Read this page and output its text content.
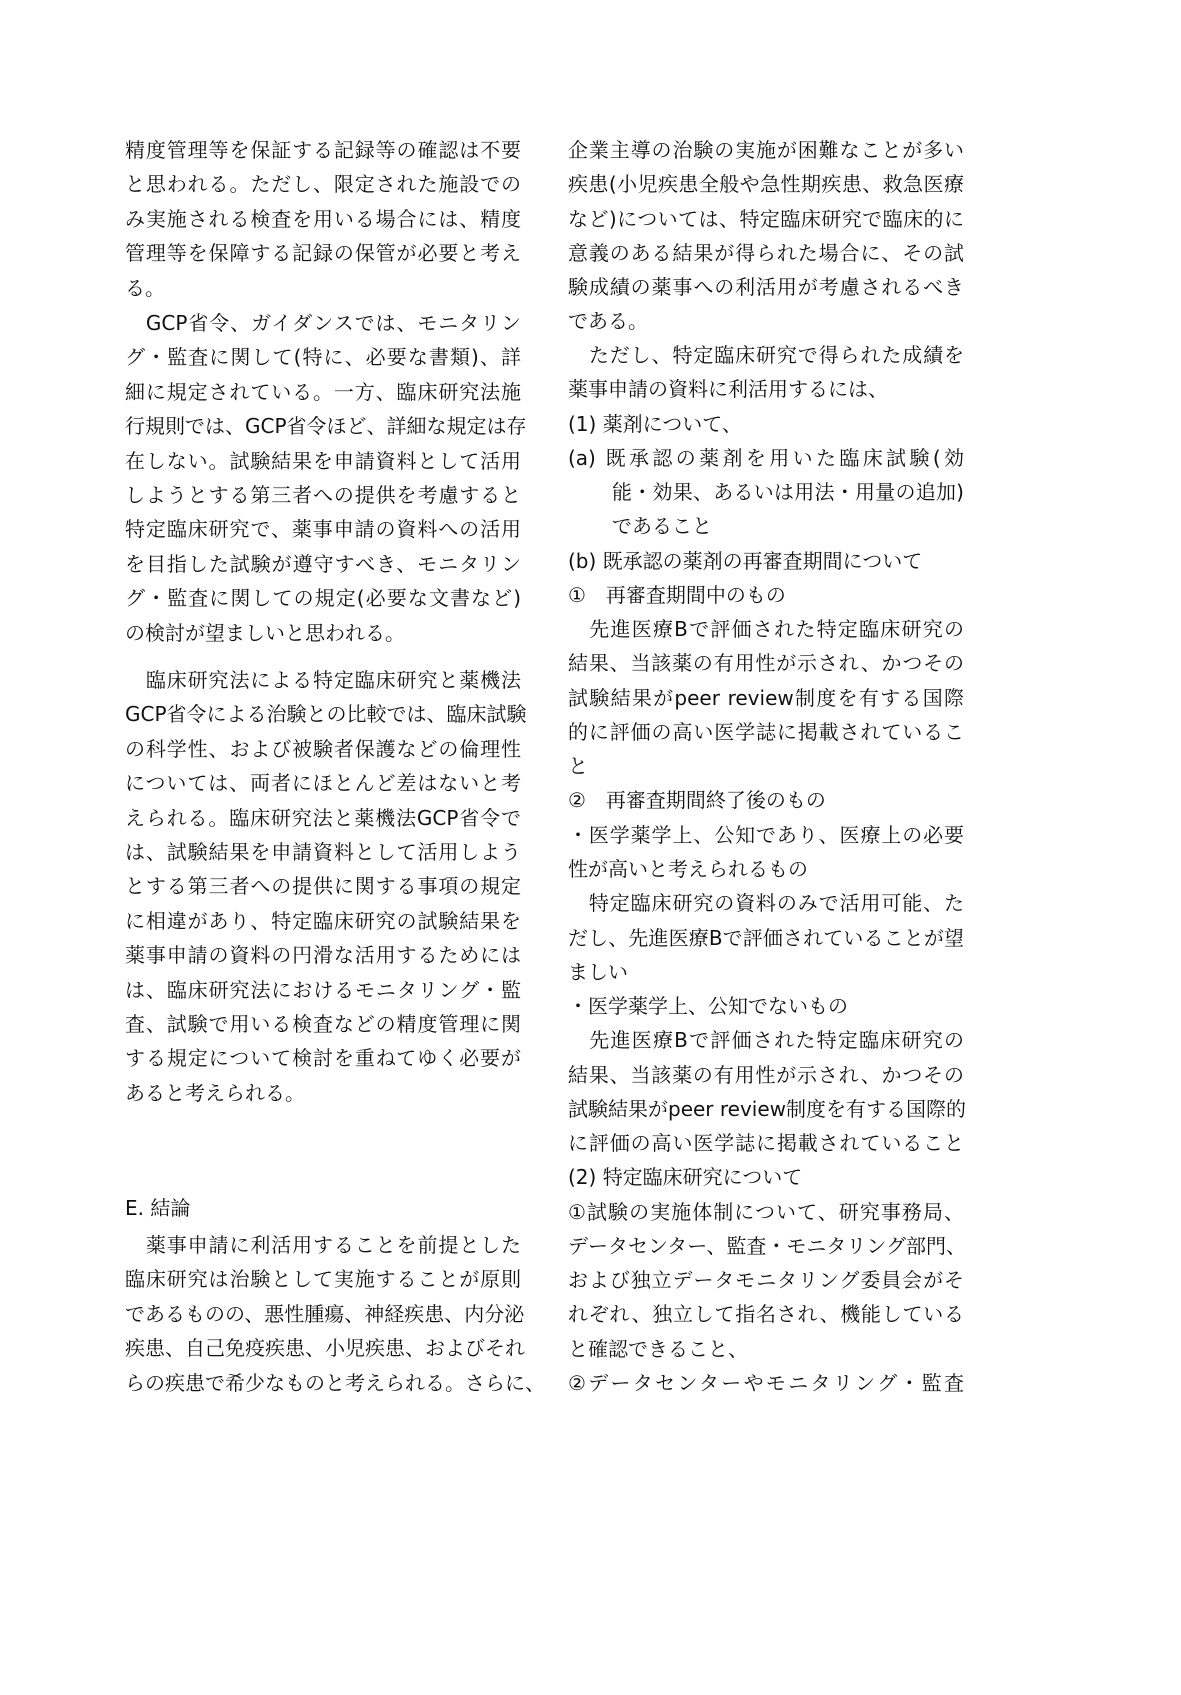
精度管理等を保証する記録等の確認は不要
と思われる。ただし、限定された施設での
み実施される検査を用いる場合には、精度
管理等を保障する記録の保管が必要と考え
る。
　GCP省令、ガイダンスでは、モニタリン
グ・監査に関して(特に、必要な書類)、詳
細に規定されている。一方、臨床研究法施
行規則では、GCP省令ほど、詳細な規定は存
在しない。試験結果を申請資料として活用
しようとする第三者への提供を考慮すると
特定臨床研究で、薬事申請の資料への活用
を目指した試験が遵守すべき、モニタリン
グ・監査に関しての規定(必要な文書など)
の検討が望ましいと思われる。
　臨床研究法による特定臨床研究と薬機法
GCP省令による治験との比較では、臨床試験
の科学性、および被験者保護などの倫理性
については、両者にほとんど差はないと考
えられる。臨床研究法と薬機法GCP省令で
は、試験結果を申請資料として活用しよう
とする第三者への提供に関する事項の規定
に相違があり、特定臨床研究の試験結果を
薬事申請の資料の円滑な活用するためには
は、臨床研究法におけるモニタリング・監
査、試験で用いる検査などの精度管理に関
する規定について検討を重ねてゆく必要が
あると考えられる。
E. 結論
　薬事申請に利活用することを前提とした
臨床研究は治験として実施することが原則
であるものの、悪性腫瘍、神経疾患、内分泌
疾患、自己免疫疾患、小児疾患、およびそれ
らの疾患で希少なものと考えられる。さらに、
企業主導の治験の実施が困難なことが多い
疾患(小児疾患全般や急性期疾患、救急医療
など)については、特定臨床研究で臨床的に
意義のある結果が得られた場合に、その試
験成績の薬事への利活用が考慮されるべき
である。
　ただし、特定臨床研究で得られた成績を
薬事申請の資料に利活用するには、
(1) 薬剤について、
(a) 既承認の薬剤を用いた臨床試験(効
能・効果、あるいは用法・用量の追加)
であること
(b) 既承認の薬剤の再審査期間について
①　再審査期間中のもの
　先進医療Bで評価された特定臨床研究の
結果、当該薬の有用性が示され、かつその
試験結果がpeer review制度を有する国際
的に評価の高い医学誌に掲載されているこ
と
②　再審査期間終了後のもの
・医学薬学上、公知であり、医療上の必要
性が高いと考えられるもの
　特定臨床研究の資料のみで活用可能、た
だし、先進医療Bで評価されていることが望
ましい
・医学薬学上、公知でないもの
　先進医療Bで評価された特定臨床研究の
結果、当該薬の有用性が示され、かつその
試験結果がpeer review制度を有する国際的
に評価の高い医学誌に掲載されていること
(2) 特定臨床研究について
①試験の実施体制について、研究事務局、
データセンター、監査・モニタリング部門、
および独立データモニタリング委員会がそ
れぞれ、独立して指名され、機能している
と確認できること、
②データセンターやモニタリング・監査
